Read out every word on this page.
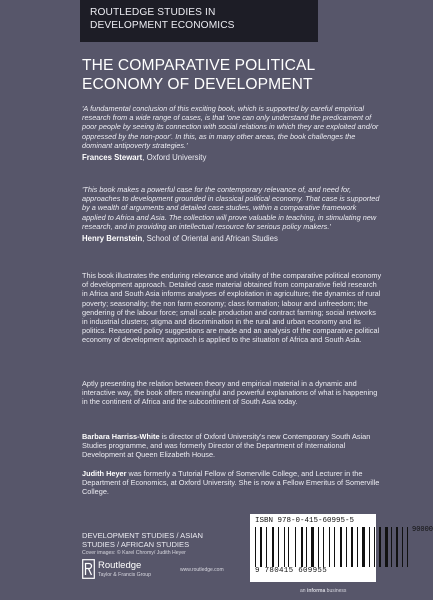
ROUTLEDGE STUDIES IN
DEVELOPMENT ECONOMICS
THE COMPARATIVE POLITICAL
ECONOMY OF DEVELOPMENT
'A fundamental conclusion of this exciting book, which is supported by careful empirical research from a wide range of cases, is that 'one can only understand the predicament of poor people by seeing its connection with social relations in which they are exploited and/or oppressed by the non-poor'. In this, as in many other areas, the book challenges the dominant antipoverty strategies.'
Frances Stewart, Oxford University
'This book makes a powerful case for the contemporary relevance of, and need for, approaches to development grounded in classical political economy. That case is supported by a wealth of arguments and detailed case studies, within a comparative framework applied to Africa and Asia. The collection will prove valuable in teaching, in stimulating new research, and in providing an intellectual resource for serious policy makers.'
Henry Bernstein, School of Oriental and African Studies
This book illustrates the enduring relevance and vitality of the comparative political economy of development approach. Detailed case material obtained from comparative field research in Africa and South Asia informs analyses of exploitation in agriculture; the dynamics of rural poverty; seasonality; the non farm economy; class formation; labour and unfreedom; the gendering of the labour force; small scale production and contract farming; social networks in industrial clusters; stigma and discrimination in the rural and urban economy and its politics. Reasoned policy suggestions are made and an analysis of the comparative political economy of development approach is applied to the situation of Africa and South Asia.
Aptly presenting the relation between theory and empirical material in a dynamic and interactive way, the book offers meaningful and powerful explanations of what is happening in the continent of Africa and the subcontinent of South Asia today.
Barbara Harriss-White is director of Oxford University's new Contemporary South Asian Studies programme, and was formerly Director of the Department of International Development at Queen Elizabeth House.
Judith Heyer was formerly a Tutorial Fellow of Somerville College, and Lecturer in the Department of Economics, at Oxford University. She is now a Fellow Emeritus of Somerville College.
DEVELOPMENT STUDIES / ASIAN
STUDIES / AFRICAN STUDIES
Cover images: © Karel Chromy/ Judith Heyer
Routledge
Taylor & Francis Group
www.routledge.com
ISBN 978-0-415-60995-5
90000
9 780415 609955
an informa business
